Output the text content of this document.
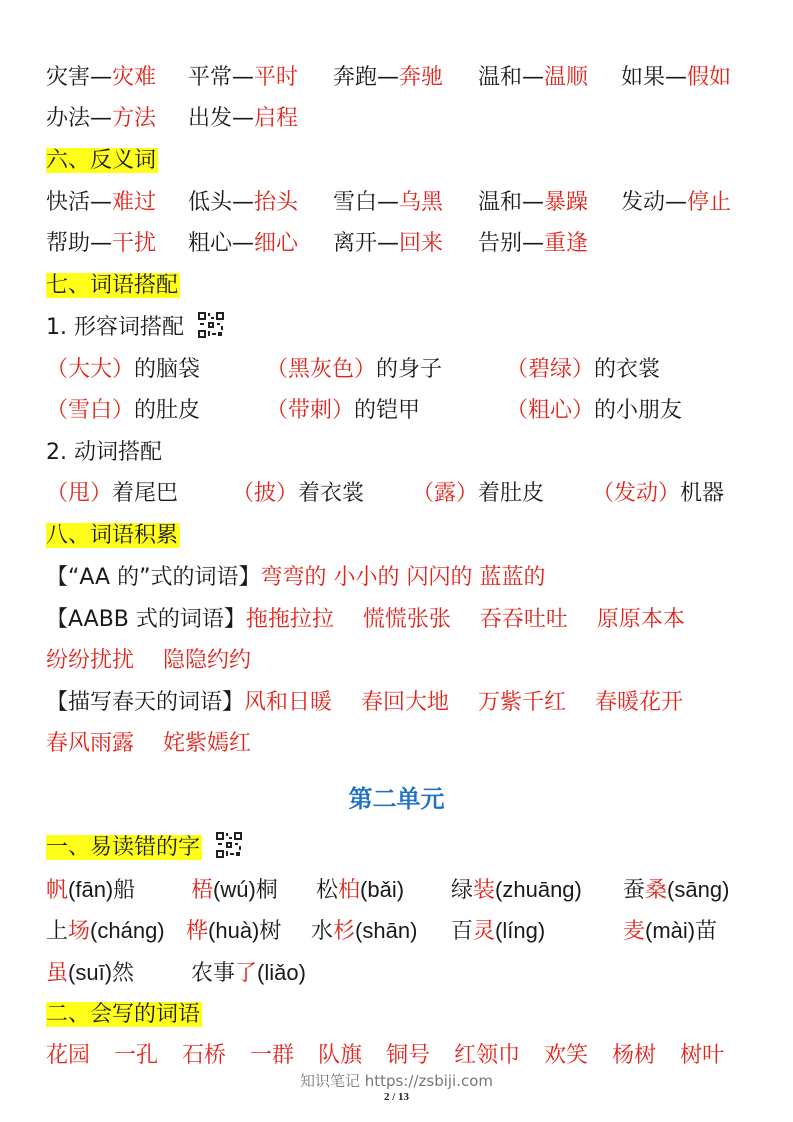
灾害—灾难 平常—平时 奔跑—奔驰 温和—温顺 如果—假如
办法—方法 出发—启程
六、反义词
快活—难过 低头—抬头 雪白—乌黑 温和—暴躁 发动—停止
帮助—干扰 粗心—细心 离开—回来 告别—重逢
七、词语搭配
1. 形容词搭配
（大大）的脑袋	（黑灰色）的身子	（碧绿）的衣裳
（雪白）的肚皮	（带刺）的铠甲	（粗心）的小朋友
2. 动词搭配
（甩）着尾巴 （披）着衣裳 （露）着肚皮 （发动）机器
八、词语积累
【“AA 的”式的词语】弯弯的 小小的 闪闪的 蓝蓝的
【AABB 式的词语】拖拖拉拉　 慌慌张张　 吞吞吐吐　 原原本本
纷纷扰扰　 隐隐约约
【描写春天的词语】风和日暖　 春回大地　 万紫千红　 春暖花开
春风雨露　 姹紫嫣红
第二单元
一、易读错的字
帆(fān)船	梧(wú)桐 松柏(bǎi) 绿装(zhuāng) 蚕桑(sāng)
上场(cháng) 桦(huà)树 水杉(shān) 百灵(líng)	麦(mài)苗
虽(suī)然	农事了(liǎo)
二、会写的词语
花园 一孔 石桥 一群 队旗 铜号 红领巾 欢笑 杨树 树叶
知识笔记 https://zsbiji.com
2 / 13
